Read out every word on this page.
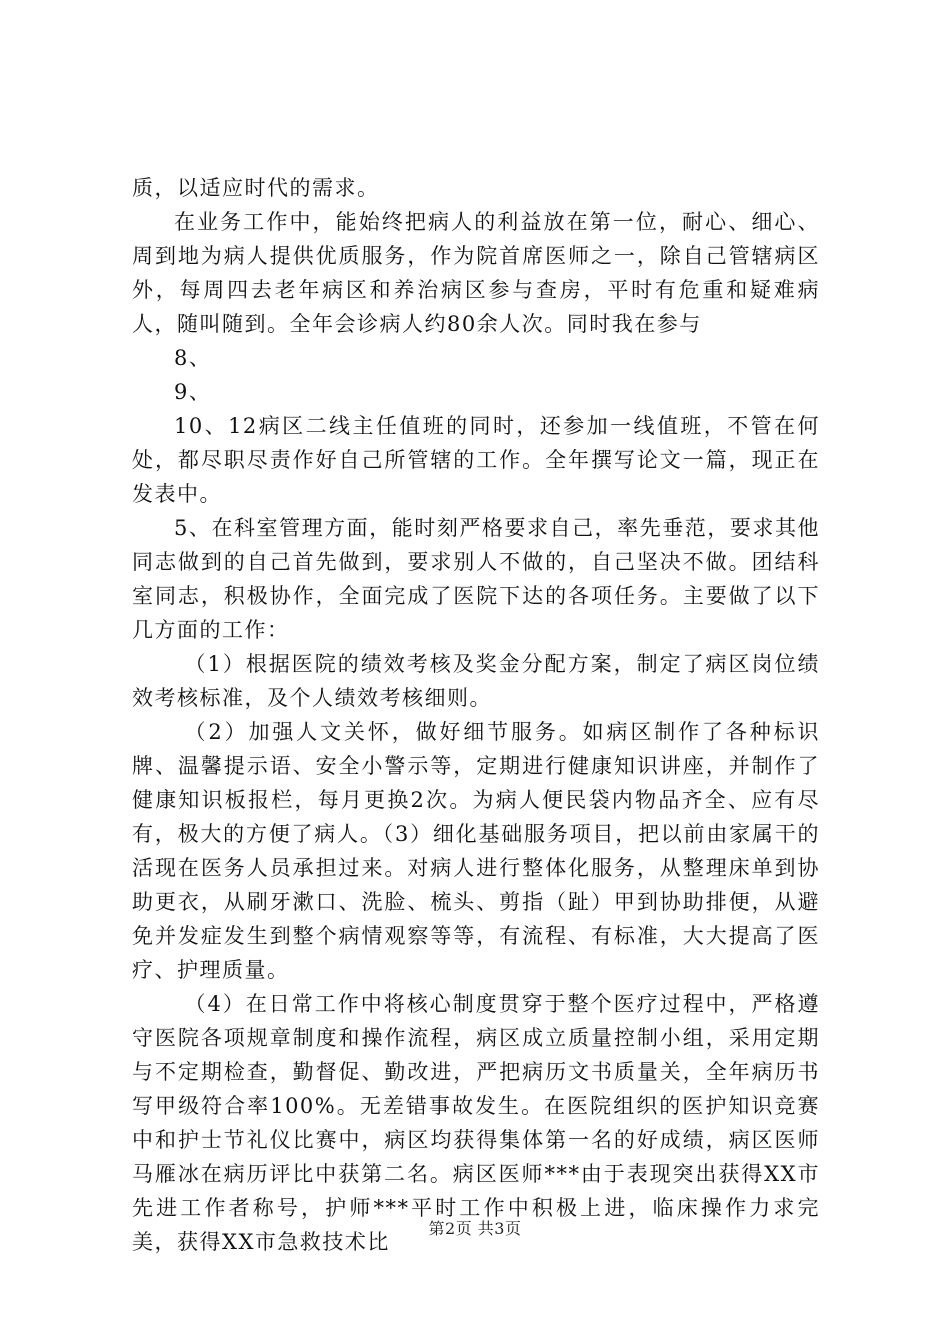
质，以适应时代的需求。

在业务工作中，能始终把病人的利益放在第一位，耐心、细心、周到地为病人提供优质服务，作为院首席医师之一，除自己管辖病区外，每周四去老年病区和养治病区参与查房，平时有危重和疑难病人，随叫随到。全年会诊病人约80余人次。同时我在参与

8、

9、

10、12病区二线主任值班的同时，还参加一线值班，不管在何处，都尽职尽责作好自己所管辖的工作。全年撰写论文一篇，现正在发表中。

5、在科室管理方面，能时刻严格要求自己，率先垂范，要求其他同志做到的自己首先做到，要求别人不做的，自己坚决不做。团结科室同志，积极协作，全面完成了医院下达的各项任务。主要做了以下几方面的工作：

（1）根据医院的绩效考核及奖金分配方案，制定了病区岗位绩效考核标准，及个人绩效考核细则。

（2）加强人文关怀，做好细节服务。如病区制作了各种标识牌、温馨提示语、安全小警示等，定期进行健康知识讲座，并制作了健康知识板报栏，每月更换2次。为病人便民袋内物品齐全、应有尽有，极大的方便了病人。（3）细化基础服务项目，把以前由家属干的活现在医务人员承担过来。对病人进行整体化服务，从整理床单到协助更衣，从刷牙漱口、洗脸、梳头、剪指（趾）甲到协助排便，从避免并发症发生到整个病情观察等等，有流程、有标准，大大提高了医疗、护理质量。

（4）在日常工作中将核心制度贯穿于整个医疗过程中，严格遵守医院各项规章制度和操作流程，病区成立质量控制小组，采用定期与不定期检查，勤督促、勤改进，严把病历文书质量关，全年病历书写甲级符合率100%。无差错事故发生。在医院组织的医护知识竞赛中和护士节礼仪比赛中，病区均获得集体第一名的好成绩，病区医师马雁冰在病历评比中获第二名。病区医师***由于表现突出获得XX市先进工作者称号，护师***平时工作中积极上进，临床操作力求完美，获得XX市急救技术比

第2页 共3页
